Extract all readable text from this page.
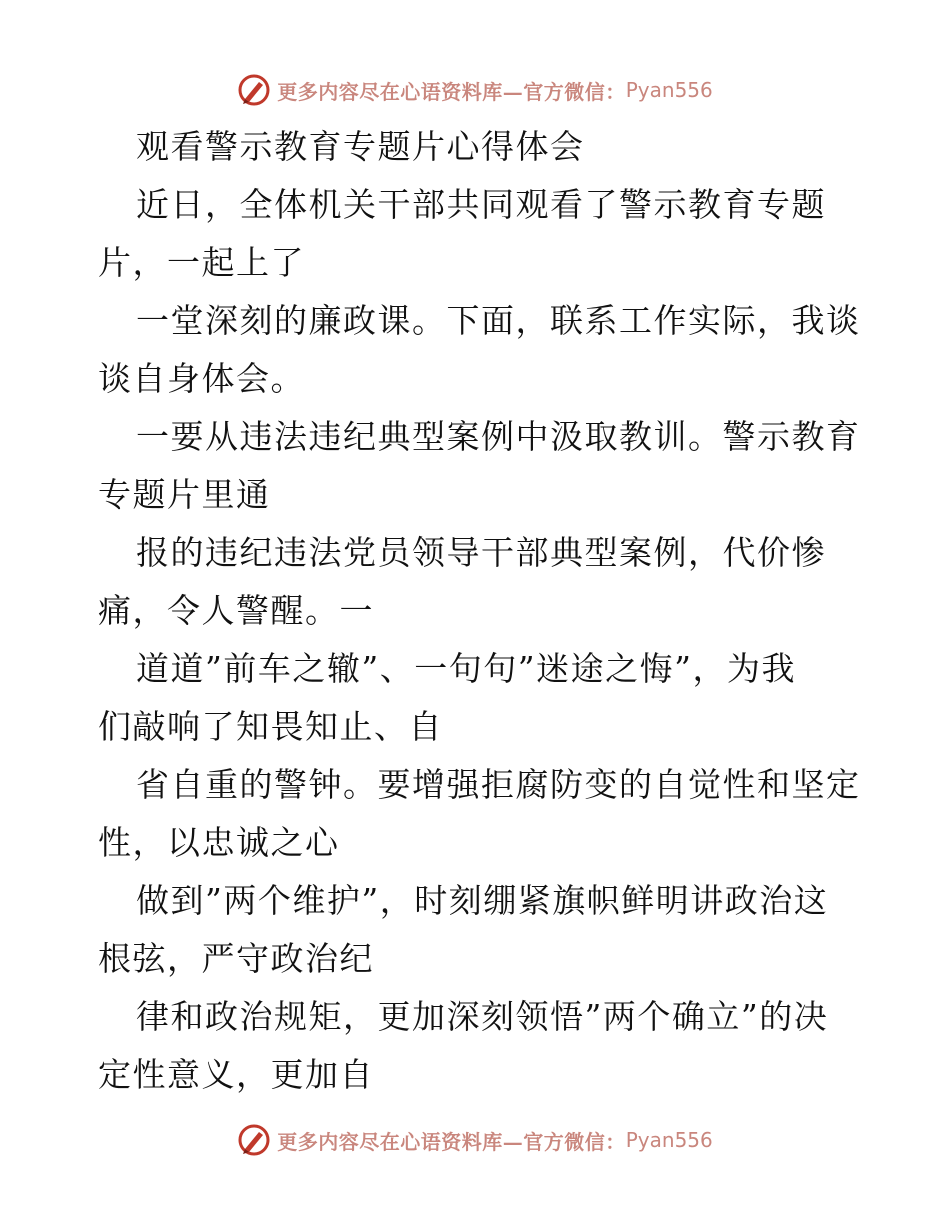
更多内容尽在心语资料库—官方微信： Pyan556
观看警示教育专题片心得体会
近日，全体机关干部共同观看了警示教育专题
片，一起上了
一堂深刻的廉政课。下面，联系工作实际，我谈
谈自身体会。
一要从违法违纪典型案例中汲取教训。警示教育
专题片里通
报的违纪违法党员领导干部典型案例，代价惨
痛，令人警醒。一
道道”前车之辙”、一句句”迷途之悔”，为我
们敲响了知畏知止、自
省自重的警钟。要增强拒腐防变的自觉性和坚定
性，以忠诚之心
做到”两个维护”，时刻绷紧旗帜鲜明讲政治这
根弦，严守政治纪
律和政治规矩，更加深刻领悟”两个确立”的决
定性意义，更加自
更多内容尽在心语资料库—官方微信： Pyan556
